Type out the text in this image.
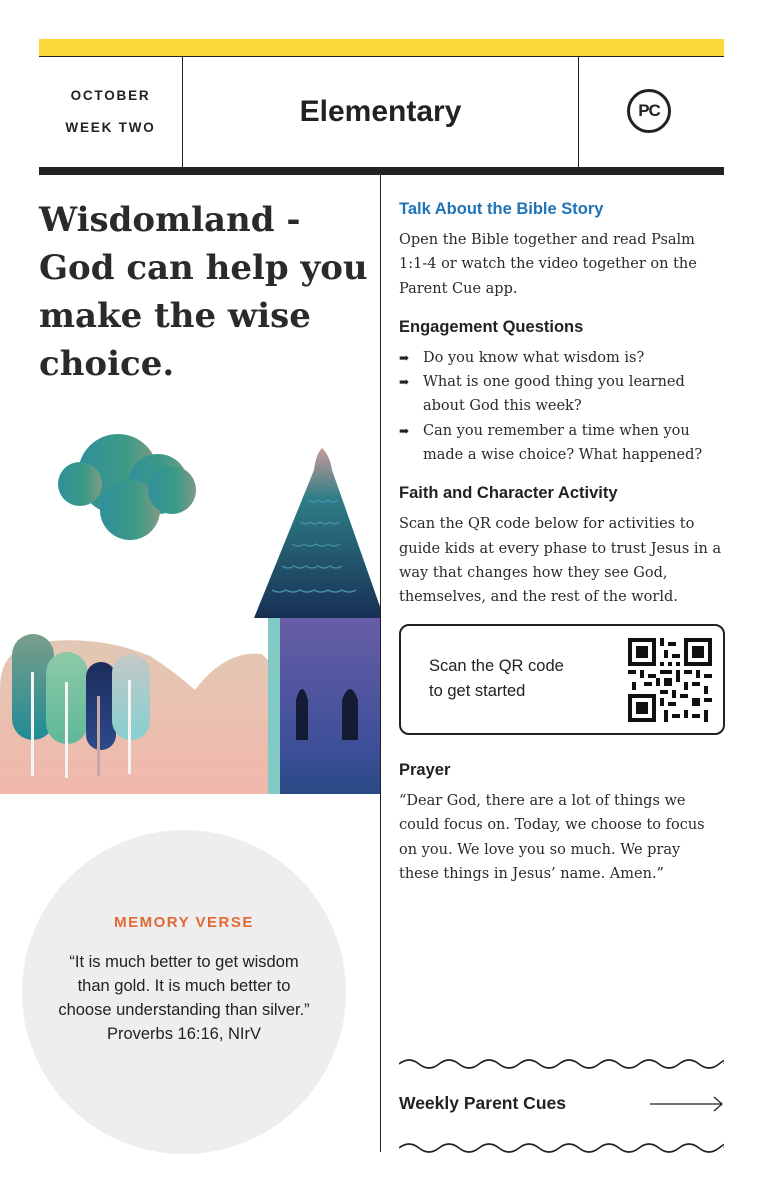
OCTOBER
WEEK TWO	Elementary	PC
Wisdomland - God can help you make the wise choice.
MEMORY VERSE
“It is much better to get wisdom than gold. It is much better to choose understanding than silver.”
Proverbs 16:16, NIrV
Talk About the Bible Story

Open the Bible together and read Psalm 1:1-4 or watch the video together on the Parent Cue app.

Engagement Questions
➡ Do you know what wisdom is?
➡ What is one good thing you learned about God this week?
➡ Can you remember a time when you made a wise choice? What happened?
Faith and Character Activity

Scan the QR code below for activities to guide kids at every phase to trust Jesus in a way that changes how they see God, themselves, and the rest of the world.

Scan the QR code
to get started
Prayer

“Dear God, there are a lot of things we could focus on. Today, we choose to focus on you. We love you so much. We pray these things in Jesus’ name. Amen.”

Weekly Parent Cues
